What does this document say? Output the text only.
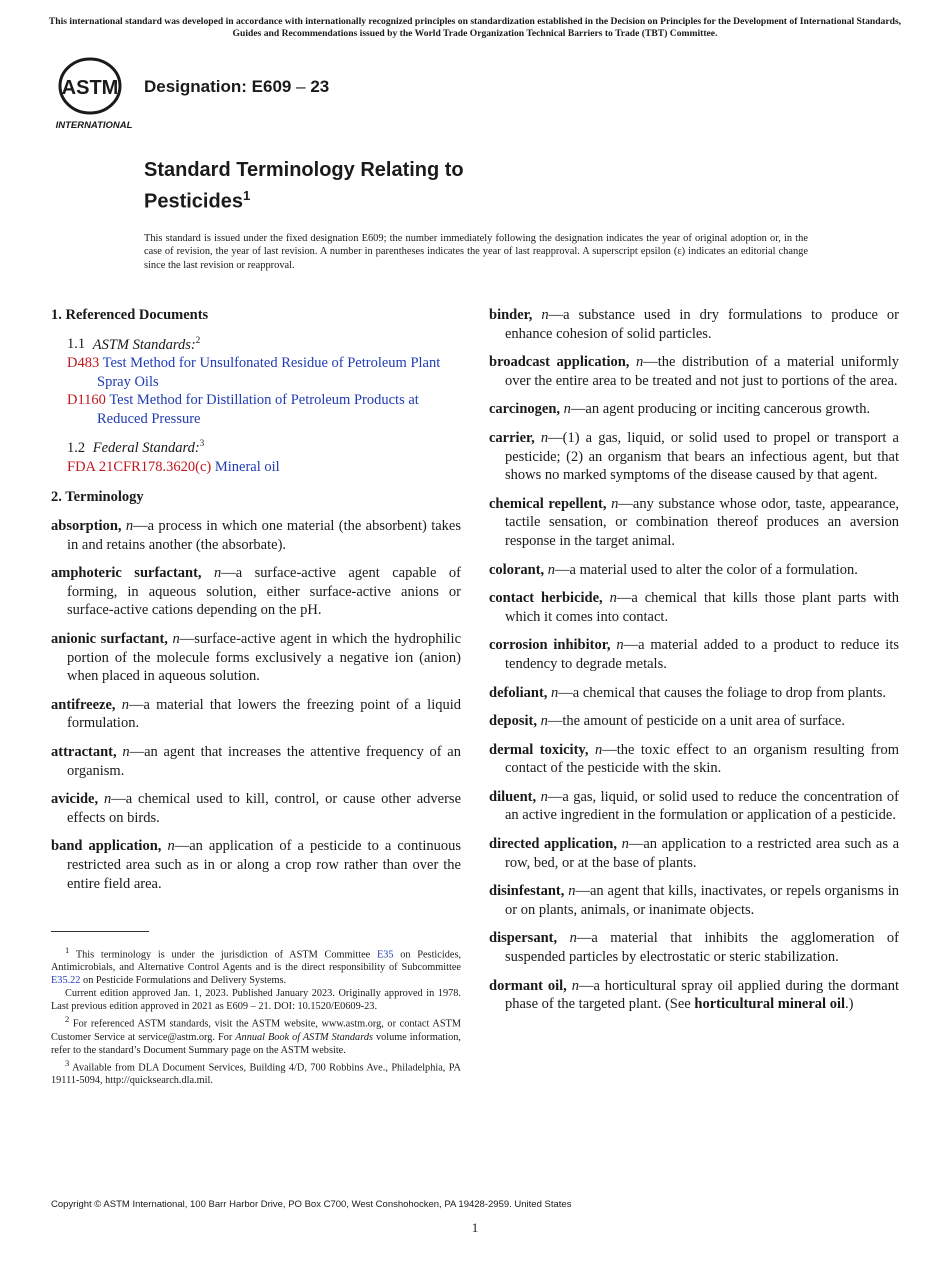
This international standard was developed in accordance with internationally recognized principles on standardization established in the Decision on Principles for the Development of International Standards, Guides and Recommendations issued by the World Trade Organization Technical Barriers to Trade (TBT) Committee.
ASTM
INTERNATIONAL
Designation: E609 – 23
Standard Terminology Relating to
Pesticides$^1$
This standard is issued under the fixed designation E609; the number immediately following the designation indicates the year of original adoption or, in the case of revision, the year of last revision. A number in parentheses indicates the year of last reapproval. A superscript epsilon (ε) indicates an editorial change since the last revision or reapproval.
1. Referenced Documents
1.1 ASTM Standards:$^2$

D483 Test Method for Unsulfonated Residue of Petroleum Plant Spray Oils

D1160 Test Method for Distillation of Petroleum Products at Reduced Pressure

1.2 Federal Standard:$^3$

FDA 21CFR178.3620(c) Mineral oil

2. Terminology

absorption, n—a process in which one material (the absorbent) takes in and retains another (the absorbate).

amphoteric surfactant, n—a surface-active agent capable of forming, in aqueous solution, either surface-active anions or surface-active cations depending on the pH.

anionic surfactant, n—surface-active agent in which the hydrophilic portion of the molecule forms exclusively a negative ion (anion) when placed in aqueous solution.

antifreeze, n—a material that lowers the freezing point of a liquid formulation.

attractant, n—an agent that increases the attentive frequency of an organism.

avicide, n—a chemical used to kill, control, or cause other adverse effects on birds.

band application, n—an application of a pesticide to a continuous restricted area such as in or along a crop row rather than over the entire field area.

binder, n—a substance used in dry formulations to produce or enhance cohesion of solid particles.

broadcast application, n—the distribution of a material uniformly over the entire area to be treated and not just to portions of the area.

carcinogen, n—an agent producing or inciting cancerous growth.

carrier, n—(1) a gas, liquid, or solid used to propel or transport a pesticide; (2) an organism that bears an infectious agent, but that shows no marked symptoms of the disease caused by that agent.

chemical repellent, n—any substance whose odor, taste, appearance, tactile sensation, or combination thereof produces an aversion response in the target animal.

colorant, n—a material used to alter the color of a formulation.

contact herbicide, n—a chemical that kills those plant parts with which it comes into contact.

corrosion inhibitor, n—a material added to a product to reduce its tendency to degrade metals.

defoliant, n—a chemical that causes the foliage to drop from plants.

deposit, n—the amount of pesticide on a unit area of surface.

dermal toxicity, n—the toxic effect to an organism resulting from contact of the pesticide with the skin.

diluent, n—a gas, liquid, or solid used to reduce the concentration of an active ingredient in the formulation or application of a pesticide.

directed application, n—an application to a restricted area such as a row, bed, or at the base of plants.

disinfestant, n—an agent that kills, inactivates, or repels organisms in or on plants, animals, or inanimate objects.

dispersant, n—a material that inhibits the agglomeration of suspended particles by electrostatic or steric stabilization.

dormant oil, n—a horticultural spray oil applied during the dormant phase of the targeted plant. (See horticultural mineral oil.)

$^1$ This terminology is under the jurisdiction of ASTM Committee E35 on Pesticides, Antimicrobials, and Alternative Control Agents and is the direct responsibility of Subcommittee E35.22 on Pesticide Formulations and Delivery Systems.

Current edition approved Jan. 1, 2023. Published January 2023. Originally approved in 1978. Last previous edition approved in 2021 as E609 – 21. DOI: 10.1520/E0609-23.

$^2$ For referenced ASTM standards, visit the ASTM website, www.astm.org, or contact ASTM Customer Service at service@astm.org. For Annual Book of ASTM Standards volume information, refer to the standard’s Document Summary page on the ASTM website.

$^3$ Available from DLA Document Services, Building 4/D, 700 Robbins Ave., Philadelphia, PA 19111-5094, http://quicksearch.dla.mil.

Copyright © ASTM International, 100 Barr Harbor Drive, PO Box C700, West Conshohocken, PA 19428-2959. United States
1
